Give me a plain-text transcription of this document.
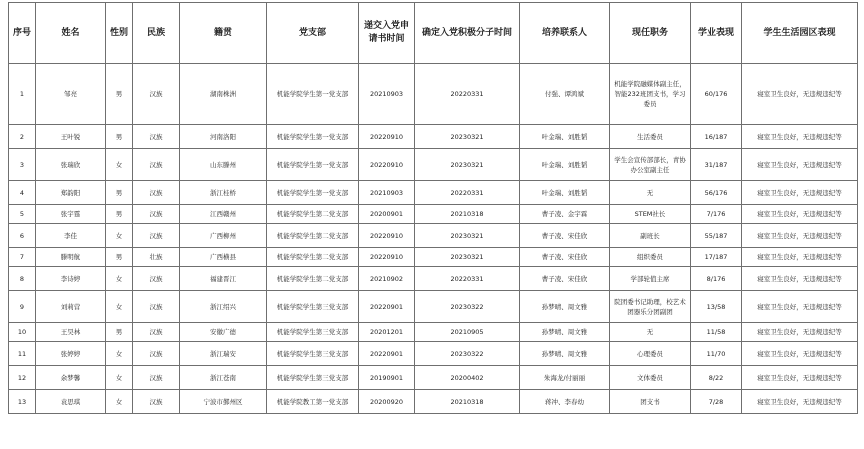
序号	姓名	性别	民族	籍贯	党支部	递交入党申请书时间	确定入党积极分子时间	培养联系人	现任职务	学业表现	学生生活园区表现
1	邹亮	男	汉族	湖南株洲	机能学院学生第一党支部	20210903	20220331	付强、谭鸿斌	机能学院融媒体副主任，智能232班团支书，学习委员	60/176	寝室卫生良好，无违规违纪等
2	王叶锐	男	汉族	河南洛阳	机能学院学生第一党支部	20220910	20230321	叶金瑞、刘胜韬	生活委员	16/187	寝室卫生良好，无违规违纪等
3	张瑞欣	女	汉族	山东滕州	机能学院学生第一党支部	20220910	20230321	叶金瑞、刘胜韬	学生会宣传部部长，青协办公室副主任	31/187	寝室卫生良好，无违规违纪等
4	郑韵阳	男	汉族	浙江桂桥	机能学院学生第一党支部	20210903	20220331	叶金瑞、刘胜韬	无	56/176	寝室卫生良好，无违规违纪等
5	张宇霆	男	汉族	江西赣州	机能学院学生第二党支部	20200901	20210318	曹子凌、金宇霖	STEM社长	7/176	寝室卫生良好，无违规违纪等
6	李佳	女	汉族	广西柳州	机能学院学生第二党支部	20220910	20230321	曹子凌、宋佳欣	副班长	55/187	寝室卫生良好，无违规违纪等
7	滕明航	男	壮族	广西横县	机能学院学生第二党支部	20220910	20230321	曹子凌、宋佳欣	组织委员	17/187	寝室卫生良好，无违规违纪等
8	李诗婷	女	汉族	福建晋江	机能学院学生第二党支部	20210902	20220331	曹子凌、宋佳欣	学部轮值主席	8/176	寝室卫生良好，无违规违纪等
9	刘莉营	女	汉族	浙江绍兴	机能学院学生第三党支部	20220901	20230322	孙梦晴、周文雅	院团委书记助理，校艺术团器乐分团副团	13/58	寝室卫生良好，无违规违纪等
10	王昊林	男	汉族	安徽广德	机能学院学生第三党支部	20201201	20210905	孙梦晴、周文雅	无	11/58	寝室卫生良好，无违规违纪等
11	张婷婷	女	汉族	浙江瑞安	机能学院学生第三党支部	20220901	20230322	孙梦晴、周文雅	心理委员	11/70	寝室卫生良好，无违规违纪等
12	余梦馨	女	汉族	浙江苍南	机能学院学生第三党支部	20190901	20200402	朱海龙/付丽丽	文体委员	8/22	寝室卫生良好，无违规违纪等
13	袁思琪	女	汉族	宁波市鄞州区	机能学院教工第一党支部	20200920	20210318	蒋冲、李春幼	团支书	7/28	寝室卫生良好，无违规违纪等
